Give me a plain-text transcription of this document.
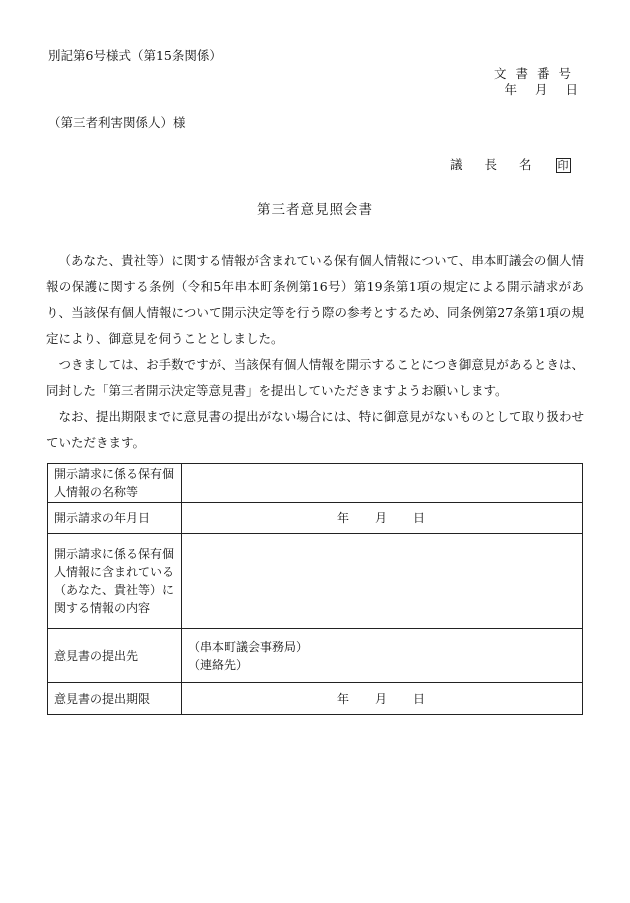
別記第6号様式（第15条関係）
文書番号
年 月 日
（第三者利害関係人）様
議 長 名 印
第三者意見照会書

（あなた、貴社等）に関する情報が含まれている保有個人情報について、串本町議会の個人情報の保護に関する条例（令和5年串本町条例第16号）第19条第1項の規定による開示請求があり、当該保有個人情報について開示決定等を行う際の参考とするため、同条例第27条第1項の規定により、御意見を伺うこととしました。

つきましては、お手数ですが、当該保有個人情報を開示することにつき御意見があるときは、同封した「第三者開示決定等意見書」を提出していただきますようお願いします。

なお、提出期限までに意見書の提出がない場合には、特に御意見がないものとして取り扱わせていただきます。

開示請求に係る保有個人情報の名称等	
開示請求の年月日	年 月 日
開示請求に係る保有個人情報に含まれている（あなた、貴社等）に関する情報の内容	
意見書の提出先	（串本町議会事務局）
（連絡先）

意見書の提出期限	年 月 日
